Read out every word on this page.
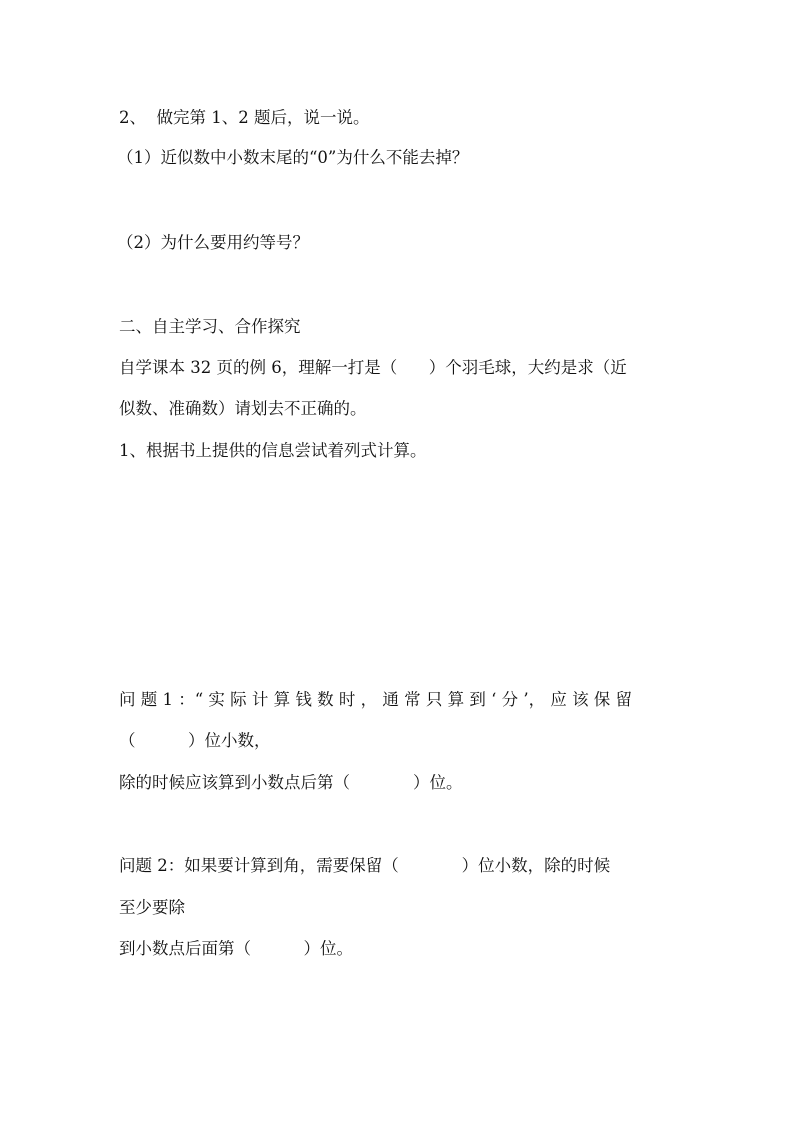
2、  做完第 1、2 题后，说一说。

（1）近似数中小数末尾的“0”为什么不能去掉？

（2）为什么要用约等号？

二、自主学习、合作探究

自学课本 32 页的例 6，理解一打是（      ）个羽毛球，大约是求（近

似数、准确数）请划去不正确的。

1、根据书上提供的信息尝试着列式计算。

问 题 1 ：“ 实 际 计 算 钱 数 时 ， 通 常 只 算 到 ‘ 分 ’， 应 该 保 留

（          ）位小数，

除的时候应该算到小数点后第（            ）位。

问题 2：如果要计算到角，需要保留（            ）位小数，除的时候

至少要除

到小数点后面第（          ）位。
